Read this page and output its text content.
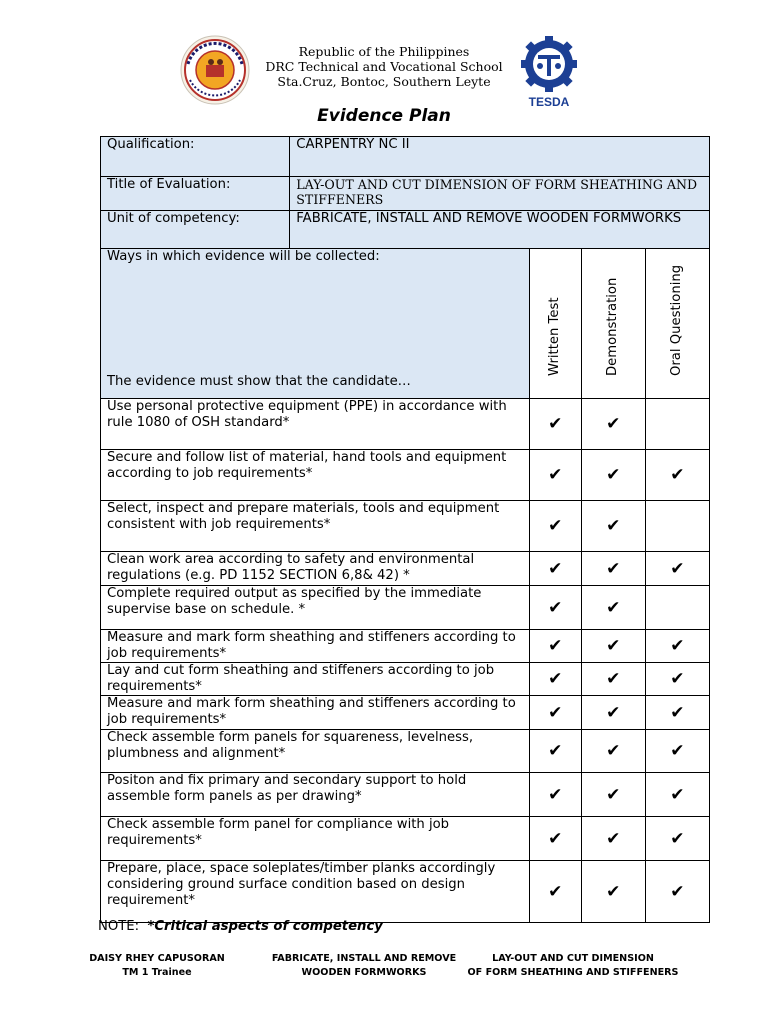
Republic of the Philippines
DRC Technical and Vocational School
Sta.Cruz, Bontoc, Southern Leyte
TESDA
Evidence Plan
Qualification:	CARPENTRY NC II			
Title of Evaluation:	LAY-OUT AND CUT DIMENSION OF FORM SHEATHING AND STIFFENERS			
Unit of competency:	FABRICATE, INSTALL AND REMOVE WOODEN FORMWORKS			

Ways in which evidence will be collected:
The evidence must show that the candidate…		Written Test	Demonstration	Oral Questioning

Use personal protective equipment (PPE) in accordance with rule 1080 of OSH standard*		✔	✔	
Secure and follow list of material, hand tools and equipment according to job requirements*		✔	✔	✔
Select, inspect and prepare materials, tools and equipment consistent with job requirements*		✔	✔	
Clean work area according to safety and environmental regulations (e.g. PD 1152 SECTION 6,8& 42) *		✔	✔	✔
Complete required output as specified by the immediate supervise base on schedule. *		✔	✔	
Measure and mark form sheathing and stiffeners according to job requirements*		✔	✔	✔
Lay and cut form sheathing and stiffeners according to job requirements*		✔	✔	✔
Measure and mark form sheathing and stiffeners according to job requirements*		✔	✔	✔
Check assemble form panels for squareness, levelness, plumbness and alignment*		✔	✔	✔
Positon and fix primary and secondary support to hold assemble form panels as per drawing*		✔	✔	✔
Check assemble form panel for compliance with job requirements*		✔	✔	✔
Prepare, place, space soleplates/timber planks accordingly considering ground surface condition based on design requirement*		✔	✔	✔
NOTE: *Critical aspects of competency
DAISY RHEY CAPUSORAN
TM 1 Trainee
FABRICATE, INSTALL AND REMOVE
WOODEN FORMWORKS
LAY-OUT AND CUT DIMENSION
OF FORM SHEATHING AND STIFFENERS
